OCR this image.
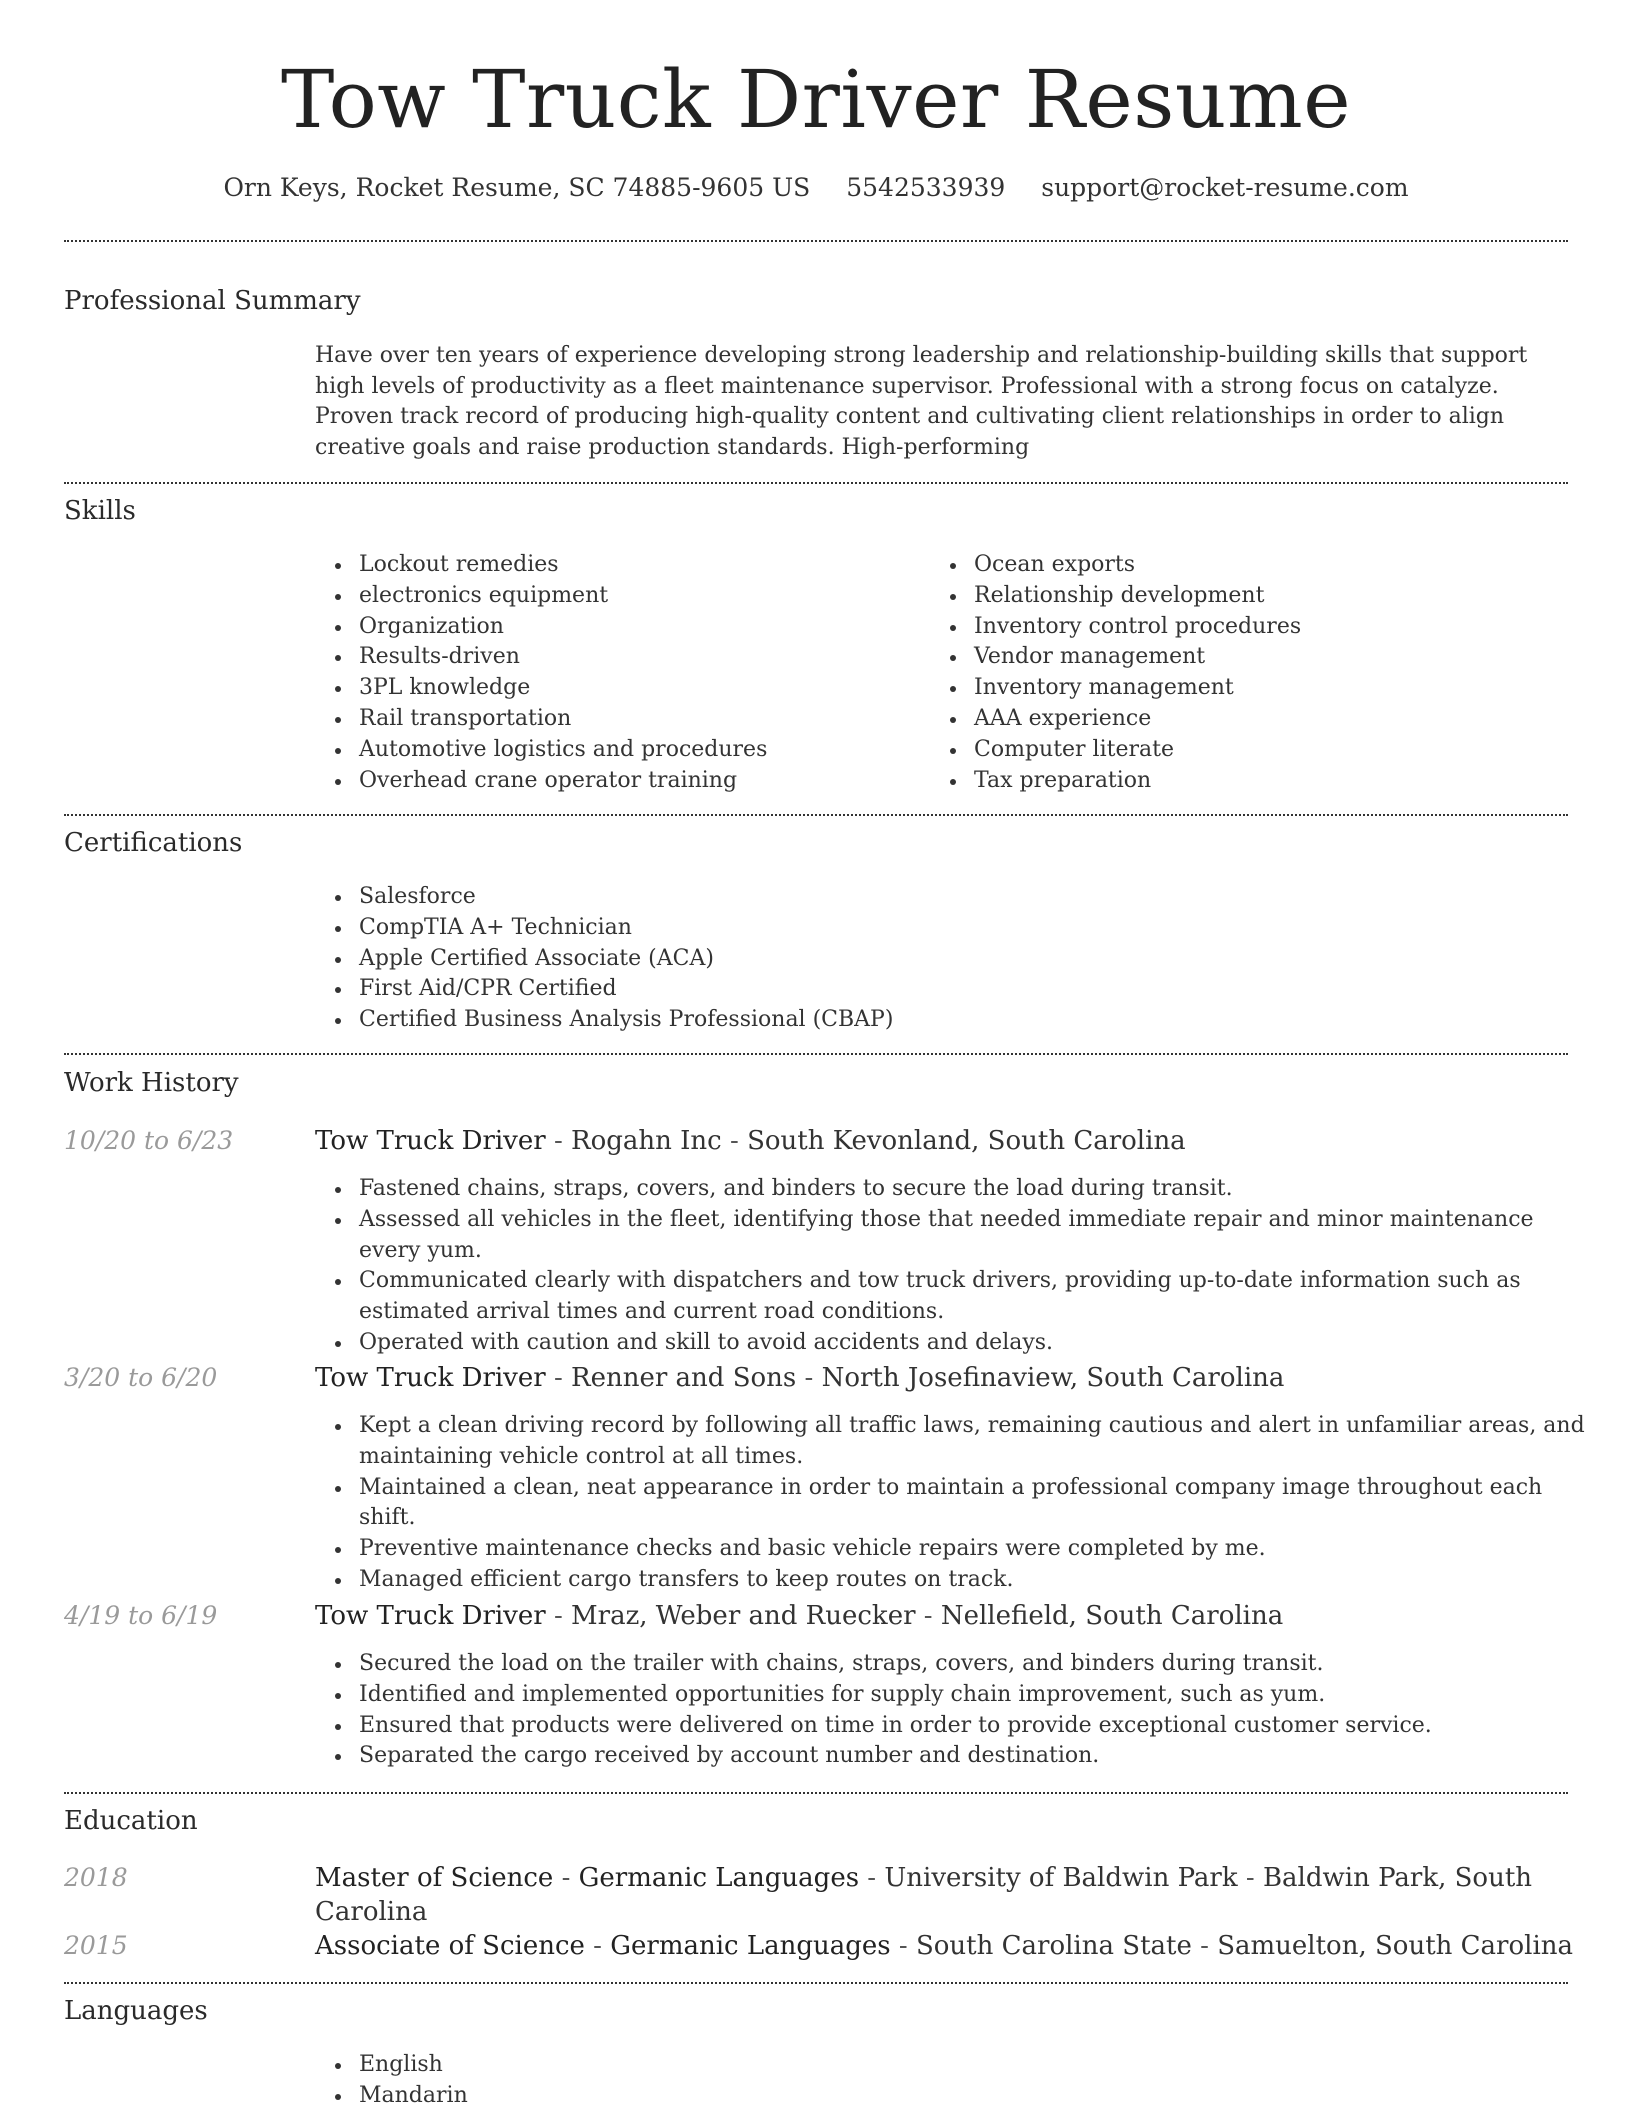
Tow Truck Driver Resume
Orn Keys, Rocket Resume, SC 74885-9605 US 5542533939 support@rocket-resume.com
Professional Summary

Have over ten years of experience developing strong leadership and relationship-building skills that support high levels of productivity as a fleet maintenance supervisor. Professional with a strong focus on catalyze. Proven track record of producing high-quality content and cultivating client relationships in order to align creative goals and raise production standards. High-performing

Skills
Lockout remedies
electronics equipment
Organization
Results-driven
3PL knowledge
Rail transportation
Automotive logistics and procedures
Overhead crane operator training
Ocean exports
Relationship development
Inventory control procedures
Vendor management
Inventory management
AAA experience
Computer literate
Tax preparation
Certifications
Salesforce
CompTIA A+ Technician
Apple Certified Associate (ACA)
First Aid/CPR Certified
Certified Business Analysis Professional (CBAP)
Work History
10/20 to 6/23	Tow Truck Driver - Rogahn Inc - South Kevonland, South Carolina
Fastened chains, straps, covers, and binders to secure the load during transit.
Assessed all vehicles in the fleet, identifying those that needed immediate repair and minor maintenance every yum.
Communicated clearly with dispatchers and tow truck drivers, providing up-to-date information such as estimated arrival times and current road conditions.
Operated with caution and skill to avoid accidents and delays.
3/20 to 6/20	Tow Truck Driver - Renner and Sons - North Josefinaview, South Carolina
Kept a clean driving record by following all traffic laws, remaining cautious and alert in unfamiliar areas, and maintaining vehicle control at all times.
Maintained a clean, neat appearance in order to maintain a professional company image throughout each shift.
Preventive maintenance checks and basic vehicle repairs were completed by me.
Managed efficient cargo transfers to keep routes on track.
4/19 to 6/19	Tow Truck Driver - Mraz, Weber and Ruecker - Nellefield, South Carolina
Secured the load on the trailer with chains, straps, covers, and binders during transit.
Identified and implemented opportunities for supply chain improvement, such as yum.
Ensured that products were delivered on time in order to provide exceptional customer service.
Separated the cargo received by account number and destination.
Education
2018	Master of Science - Germanic Languages - University of Baldwin Park - Baldwin Park, South Carolina
2015	Associate of Science - Germanic Languages - South Carolina State - Samuelton, South Carolina
Languages
English
Mandarin
